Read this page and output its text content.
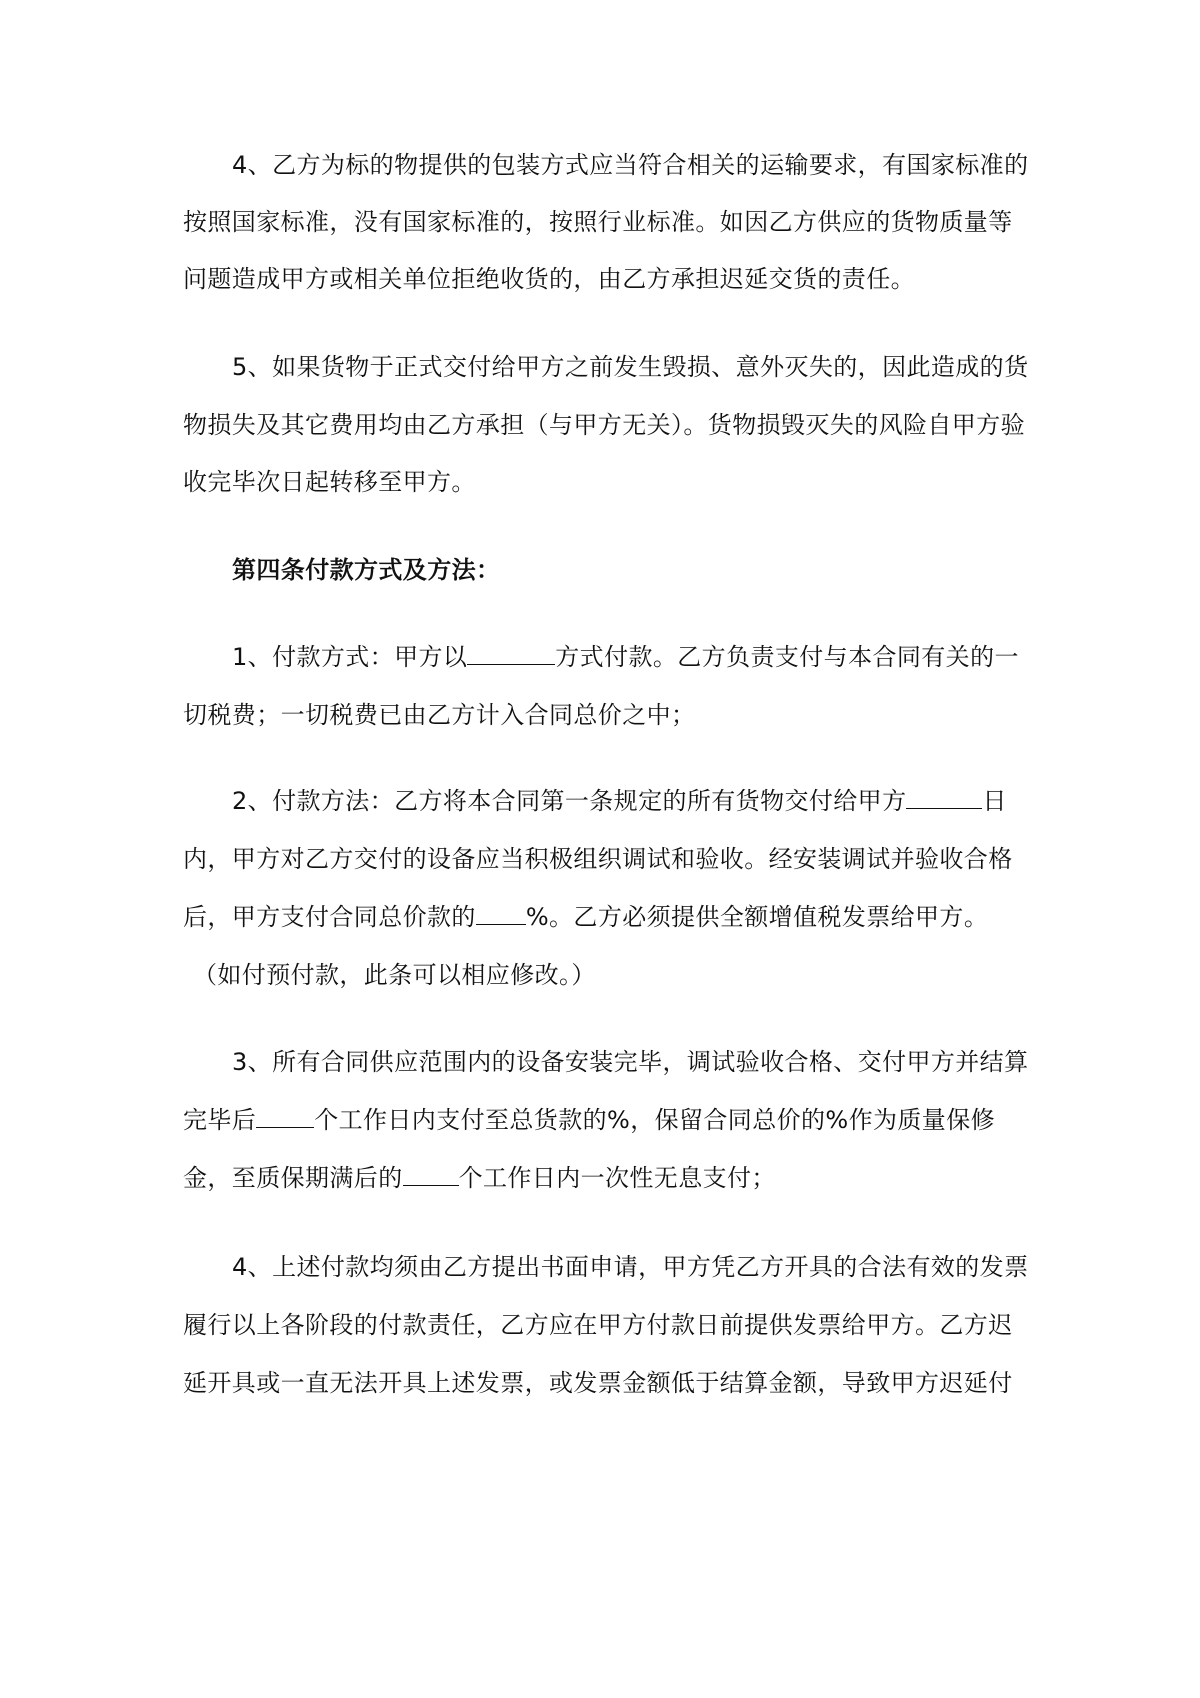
4、乙方为标的物提供的包装方式应当符合相关的运输要求，有国家标准的
按照国家标准，没有国家标准的，按照行业标准。如因乙方供应的货物质量等
问题造成甲方或相关单位拒绝收货的，由乙方承担迟延交货的责任。
5、如果货物于正式交付给甲方之前发生毁损、意外灭失的，因此造成的货
物损失及其它费用均由乙方承担（与甲方无关）。货物损毁灭失的风险自甲方验
收完毕次日起转移至甲方。
第四条付款方式及方法：
1、付款方式：甲方以	方式付款。乙方负责支付与本合同有关的一
切税费；一切税费已由乙方计入合同总价之中；
2、付款方法：乙方将本合同第一条规定的所有货物交付给甲方	日
内，甲方对乙方交付的设备应当积极组织调试和验收。经安装调试并验收合格
后，甲方支付合同总价款的 %。乙方必须提供全额增值税发票给甲方。
（如付预付款，此条可以相应修改。）
3、所有合同供应范围内的设备安装完毕，调试验收合格、交付甲方并结算
完毕后 个工作日内支付至总货款的%，保留合同总价的%作为质量保修
金，至质保期满后的 个工作日内一次性无息支付；
4、上述付款均须由乙方提出书面申请，甲方凭乙方开具的合法有效的发票
履行以上各阶段的付款责任，乙方应在甲方付款日前提供发票给甲方。乙方迟
延开具或一直无法开具上述发票，或发票金额低于结算金额，导致甲方迟延付
